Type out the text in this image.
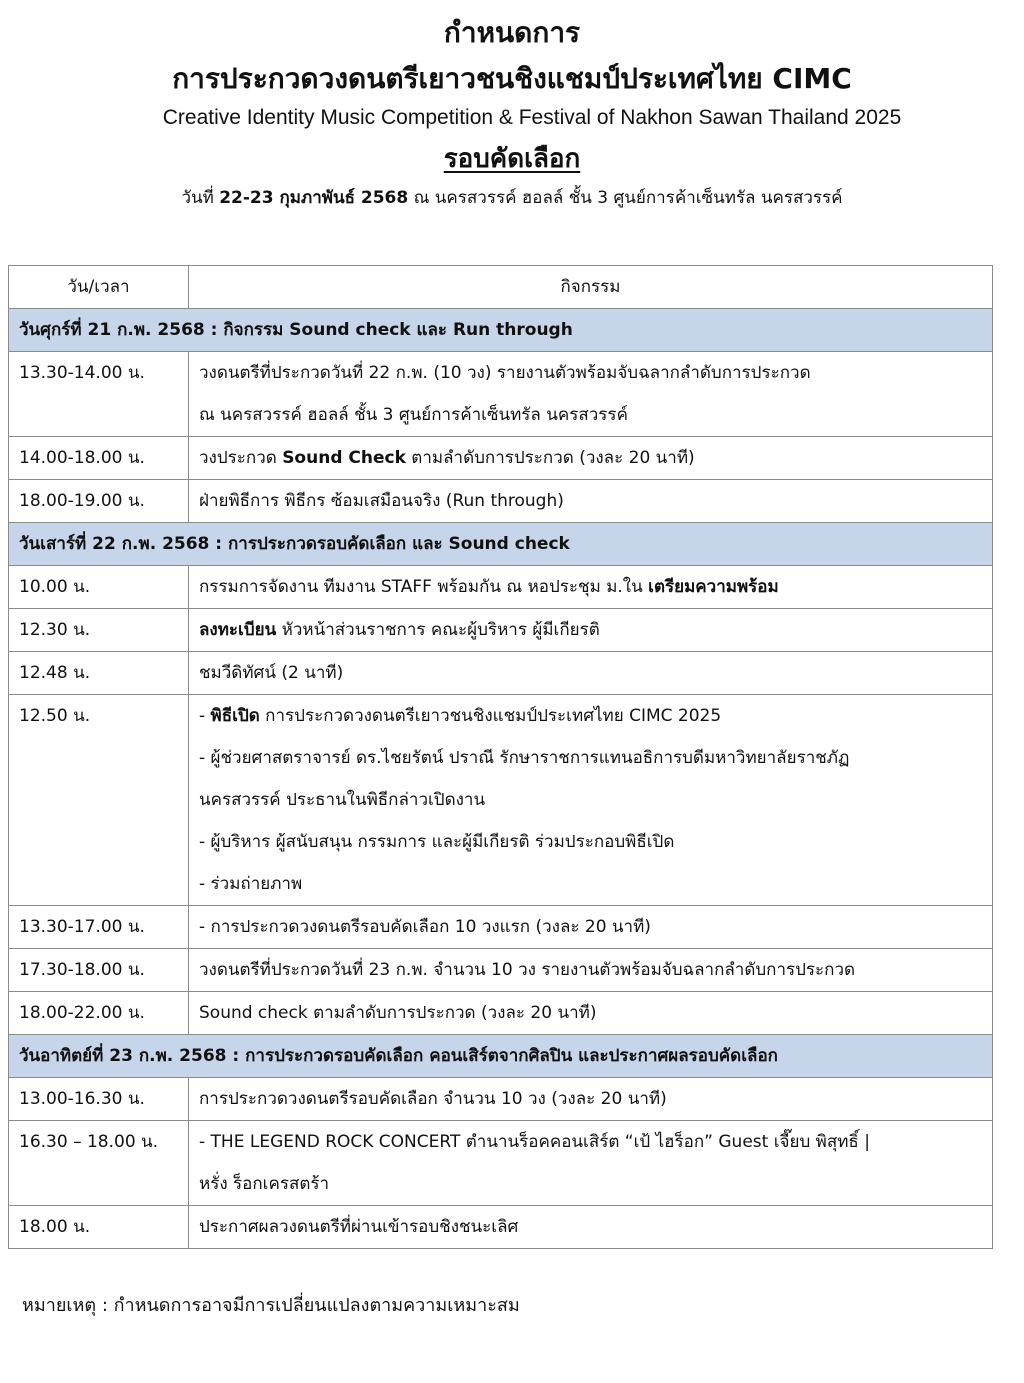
กำหนดการ
การประกวดวงดนตรีเยาวชนชิงแชมป์ประเทศไทย CIMC
Creative Identity Music Competition & Festival of Nakhon Sawan Thailand 2025
รอบคัดเลือก
วันที่ 22-23 กุมภาพันธ์ 2568 ณ นครสวรรค์ ฮอลล์ ชั้น 3 ศูนย์การค้าเซ็นทรัล นครสวรรค์
วัน/เวลา	กิจกรรม
วันศุกร์ที่ 21 ก.พ. 2568 : กิจกรรม Sound check และ Run through	
13.30-14.00 น.	วงดนตรีที่ประกวดวันที่ 22 ก.พ. (10 วง) รายงานตัวพร้อมจับฉลากลำดับการประกวด
ณ นครสวรรค์ ฮอลล์ ชั้น 3 ศูนย์การค้าเซ็นทรัล นครสวรรค์

14.00-18.00 น.	วงประกวด Sound Check ตามลำดับการประกวด (วงละ 20 นาที)
18.00-19.00 น.	ฝ่ายพิธีการ พิธีกร ซ้อมเสมือนจริง (Run through)
วันเสาร์ที่ 22 ก.พ. 2568 : การประกวดรอบคัดเลือก และ Sound check	
10.00 น.	กรรมการจัดงาน ทีมงาน STAFF พร้อมกัน ณ หอประชุม ม.ใน เตรียมความพร้อม
12.30 น.	ลงทะเบียน หัวหน้าส่วนราชการ คณะผู้บริหาร ผู้มีเกียรติ
12.48 น.	ชมวีดิทัศน์ (2 นาที)
12.50 น.	- พิธีเปิด การประกวดวงดนตรีเยาวชนชิงแชมป์ประเทศไทย CIMC 2025
- ผู้ช่วยศาสตราจารย์ ดร.ไชยรัตน์ ปราณี รักษาราชการแทนอธิการบดีมหาวิทยาลัยราชภัฏ
นครสวรรค์ ประธานในพิธีกล่าวเปิดงาน
- ผู้บริหาร ผู้สนับสนุน กรรมการ และผู้มีเกียรติ ร่วมประกอบพิธีเปิด
- ร่วมถ่ายภาพ

13.30-17.00 น.	- การประกวดวงดนตรีรอบคัดเลือก 10 วงแรก (วงละ 20 นาที)
17.30-18.00 น.	วงดนตรีที่ประกวดวันที่ 23 ก.พ. จำนวน 10 วง รายงานตัวพร้อมจับฉลากลำดับการประกวด
18.00-22.00 น.	Sound check ตามลำดับการประกวด (วงละ 20 นาที)
วันอาทิตย์ที่ 23 ก.พ. 2568 : การประกวดรอบคัดเลือก คอนเสิร์ตจากศิลปิน และประกาศผลรอบคัดเลือก	
13.00-16.30 น.	การประกวดวงดนตรีรอบคัดเลือก จำนวน 10 วง (วงละ 20 นาที)
16.30 – 18.00 น.	- THE LEGEND ROCK CONCERT ตำนานร็อคคอนเสิร์ต “เป้ ไฮร็อก” Guest เจี๊ยบ พิสุทธิ์ |
หรั่ง ร็อกเครสตร้า

18.00 น.	ประกาศผลวงดนตรีที่ผ่านเข้ารอบชิงชนะเลิศ
หมายเหตุ : กำหนดการอาจมีการเปลี่ยนแปลงตามความเหมาะสม
